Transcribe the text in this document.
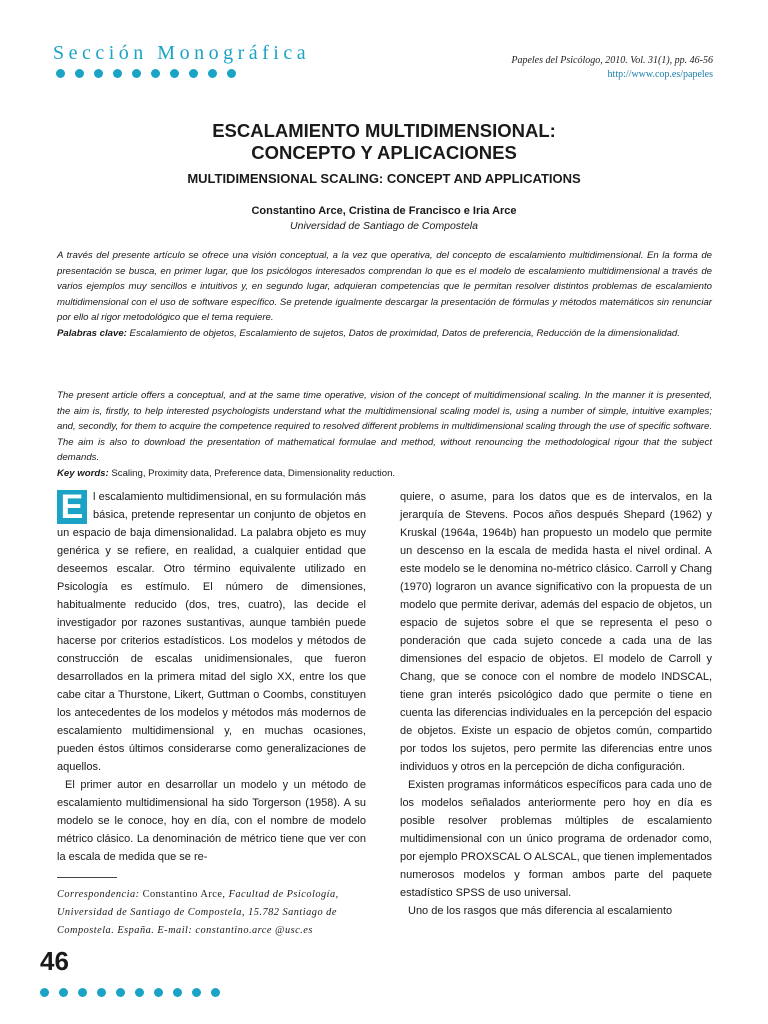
Sección Monográfica	Papeles del Psicólogo, 2010. Vol. 31(1), pp. 46-56
http://www.cop.es/papeles
ESCALAMIENTO MULTIDIMENSIONAL:
CONCEPTO Y APLICACIONES
MULTIDIMENSIONAL SCALING: CONCEPT AND APPLICATIONS
Constantino Arce, Cristina de Francisco e Iria Arce
Universidad de Santiago de Compostela
A través del presente artículo se ofrece una visión conceptual, a la vez que operativa, del concepto de escalamiento multidimensional. En la forma de presentación se busca, en primer lugar, que los psicólogos interesados comprendan lo que es el modelo de escalamiento multidimensional a través de varios ejemplos muy sencillos e intuitivos y, en segundo lugar, adquieran competencias que le permitan resolver distintos problemas de escalamiento multidimensional con el uso de software específico. Se pretende igualmente descargar la presentación de fórmulas y métodos matemáticos sin renunciar por ello al rigor metodológico que el tema requiere.
Palabras clave: Escalamiento de objetos, Escalamiento de sujetos, Datos de proximidad, Datos de preferencia, Reducción de la dimensionalidad.
The present article offers a conceptual, and at the same time operative, vision of the concept of multidimensional scaling. In the manner it is presented, the aim is, firstly, to help interested psychologists understand what the multidimensional scaling model is, using a number of simple, intuitive examples; and, secondly, for them to acquire the competence required to resolved different problems in multidimensional scaling through the use of specific software. The aim is also to download the presentation of mathematical formulae and method, without renouncing the methodological rigour that the subject demands.
Key words: Scaling, Proximity data, Preference data, Dimensionality reduction.

E l escalamiento multidimensional, en su formulación más básica, pretende representar un conjunto de objetos en un espacio de baja dimensionalidad. La palabra objeto es muy genérica y se refiere, en realidad, a cualquier entidad que deseemos escalar. Otro término equivalente utilizado en Psicología es estímulo. El número de dimensiones, habitualmente reducido (dos, tres, cuatro), las decide el investigador por razones sustantivas, aunque también puede hacerse por criterios estadísticos. Los modelos y métodos de construcción de escalas unidimensionales, que fueron desarrollados en la primera mitad del siglo XX, entre los que cabe citar a Thurstone, Likert, Guttman o Coombs, constituyen los antecedentes de los modelos y métodos más modernos de escalamiento multidimensional y, en muchas ocasiones, pueden éstos últimos considerarse como generalizaciones de aquellos.

El primer autor en desarrollar un modelo y un método de escalamiento multidimensional ha sido Torgerson (1958). A su modelo se le conoce, hoy en día, con el nombre de modelo métrico clásico. La denominación de métrico tiene que ver con la escala de medida que se re-

quiere, o asume, para los datos que es de intervalos, en la jerarquía de Stevens. Pocos años después Shepard (1962) y Kruskal (1964a, 1964b) han propuesto un modelo que permite un descenso en la escala de medida hasta el nivel ordinal. A este modelo se le denomina no-métrico clásico. Carroll y Chang (1970) lograron un avance significativo con la propuesta de un modelo que permite derivar, además del espacio de objetos, un espacio de sujetos sobre el que se representa el peso o ponderación que cada sujeto concede a cada una de las dimensiones del espacio de objetos. El modelo de Carroll y Chang, que se conoce con el nombre de modelo INDSCAL, tiene gran interés psicológico dado que permite o tiene en cuenta las diferencias individuales en la percepción del espacio de objetos. Existe un espacio de objetos común, compartido por todos los sujetos, pero permite las diferencias entre unos individuos y otros en la percepción de dicha configuración.

Existen programas informáticos específicos para cada uno de los modelos señalados anteriormente pero hoy en día es posible resolver problemas múltiples de escalamiento multidimensional con un único programa de ordenador como, por ejemplo PROXSCAL O ALSCAL, que tienen implementados numerosos modelos y forman ambos parte del paquete estadístico SPSS de uso universal.

Uno de los rasgos que más diferencia al escalamiento

Correspondencia: Constantino Arce, Facultad de Psicología, Universidad de Santiago de Compostela, 15.782 Santiago de Compostela. España. E-mail: constantino.arce @usc.es
46
